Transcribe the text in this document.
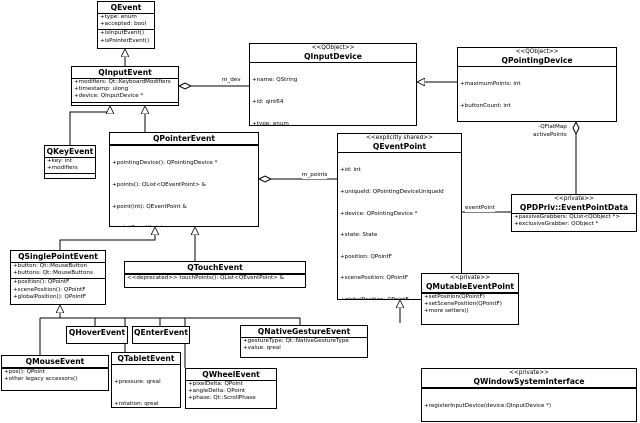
m_dev
m_points
-QFlatMap
activePoints
eventPoint
QEvent
+type: enum
+accepted: bool
+isInputEvent()
+isPointerEvent()
QInputEvent
+modifiers: Qt::KeyboardModifiers
+timestamp: ulong
+device: QInputDevice *
QKeyEvent
+key: int
+modifiers
QPointerEvent

+pointingDevice(): QPointingDevice *

+points(): QList<QEventPoint> &

+point(int): QEventPoint &

QSinglePointEvent
+button: Qt::MouseButton
+buttons: Qt::MouseButtons
+position(): QPointF
+scenePosition(): QPointF
+globalPosition(): QPointF
QTouchEvent
<<deprecated>> touchPoints(): QList<QEventPoint> &
QHoverEvent QEnterEvent	QNativeGestureEvent
+gestureType: Qt::NativeGestureType
+value: qreal
QMouseEvent
+pos(): QPoint
+other legacy accessors()
QTabletEvent

+pressure: qreal

+rotation: qreal

QWheelEvent
+pixelDelta: QPoint
+angleDelta: QPoint
+phase: Qt::ScrollPhase
<<QObject>>
QInputDevice

+name: QString

+id: qint64

+type: enum

<<QObject>>
QPointingDevice

+maximumPoints: int

+buttonCount: int

<<explicitly shared>>
QEventPoint

+id: int

+uniqueId: QPointingDeviceUniqueId

+device: QPointingDevice *

+state: State

+position: QPointF

+scenePosition: QPointF

<<private>>
QPDPriv::EventPointData
+passiveGrabbers: QList<QObject *>
+exclusiveGrabber: QObject *
<<private>>
QMutableEventPoint
+setPosition(QPointF)
+setScenePosition(QPointF)
+more setters()
<<private>>
QWindowSystemInterface

+registerInputDevice(device:QInputDevice *)
